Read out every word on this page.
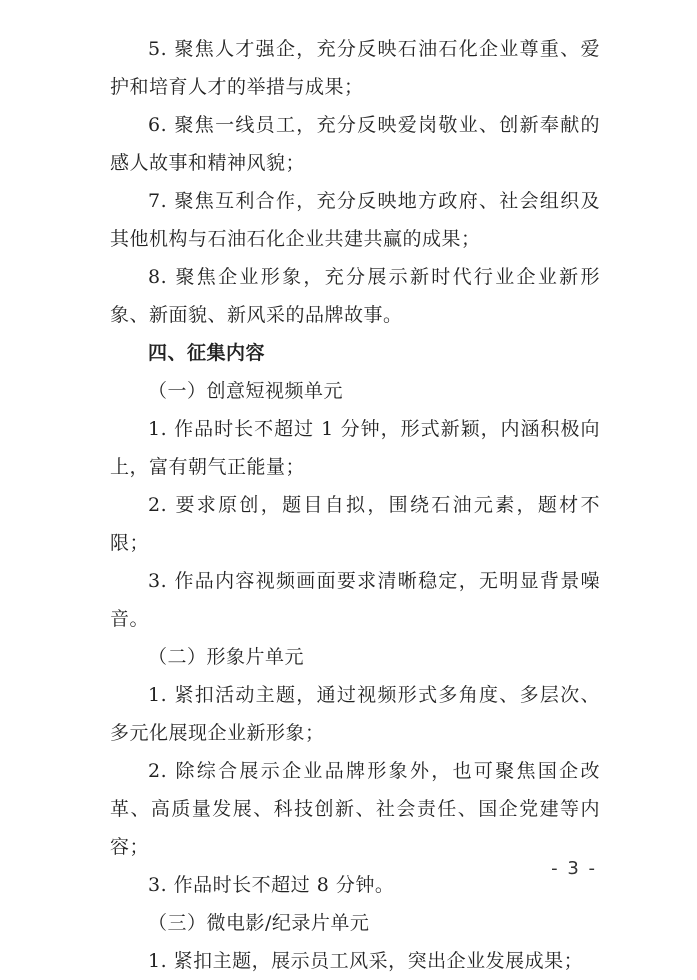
5. 聚焦人才强企，充分反映石油石化企业尊重、爱护和培育人才的举措与成果；

6. 聚焦一线员工，充分反映爱岗敬业、创新奉献的感人故事和精神风貌；

7. 聚焦互利合作，充分反映地方政府、社会组织及其他机构与石油石化企业共建共赢的成果；

8. 聚焦企业形象，充分展示新时代行业企业新形象、新面貌、新风采的品牌故事。

四、征集内容

（一）创意短视频单元

1. 作品时长不超过 1 分钟，形式新颖，内涵积极向上，富有朝气正能量；

2. 要求原创，题目自拟，围绕石油元素，题材不限；

3. 作品内容视频画面要求清晰稳定，无明显背景噪音。

（二）形象片单元

1. 紧扣活动主题，通过视频形式多角度、多层次、多元化展现企业新形象；

2. 除综合展示企业品牌形象外，也可聚焦国企改革、高质量发展、科技创新、社会责任、国企党建等内容；

3. 作品时长不超过 8 分钟。

（三）微电影/纪录片单元

1. 紧扣主题，展示员工风采，突出企业发展成果；

- 3 -
